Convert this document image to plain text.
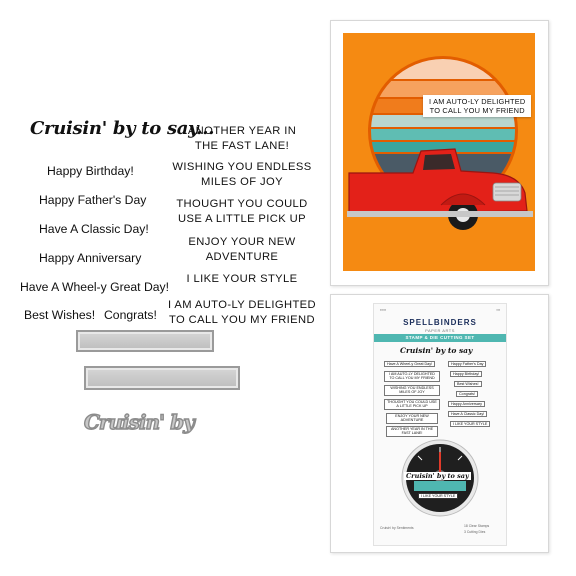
Cruisin' by to say...
Happy Birthday!
Happy Father's Day
Have A Classic Day!
Happy Anniversary
Have A Wheel-y Great Day!
Best Wishes! Congrats!
ANOTHER YEAR IN
THE FAST LANE!
WISHING YOU ENDLESS
MILES OF JOY
THOUGHT YOU COULD
USE A LITTLE PICK UP
ENJOY YOUR NEW
ADVENTURE
I LIKE YOUR STYLE
I AM AUTO-LY DELIGHTED
TO CALL YOU MY FRIEND
Cruisin' by
I AM AUTO-LY DELIGHTED
TO CALL YOU MY FRIEND
▪▪▪▪▪	▪▪▪
SPELLBINDERS
PAPER ARTS
STAMP & DIE CUTTING SET
Cruisin' by to say
Have A Wheel-y Great Day!
I AM AUTO-LY DELIGHTED TO CALL YOU MY FRIEND
WISHING YOU ENDLESS MILES OF JOY
THOUGHT YOU COULD USE A LITTLE PICK UP
ENJOY YOUR NEW ADVENTURE
ANOTHER YEAR IN THE FAST LANE!
Happy Father's Day
Happy Birthday!
Best Wishes!
Congrats!
Happy Anniversary
Have A Classic Day!
I LIKE YOUR STYLE
Cruisin' by to say
I LIKE YOUR STYLE
Cruisin' by Sentiments	18 Clear Stamps
3 Cutting Dies
